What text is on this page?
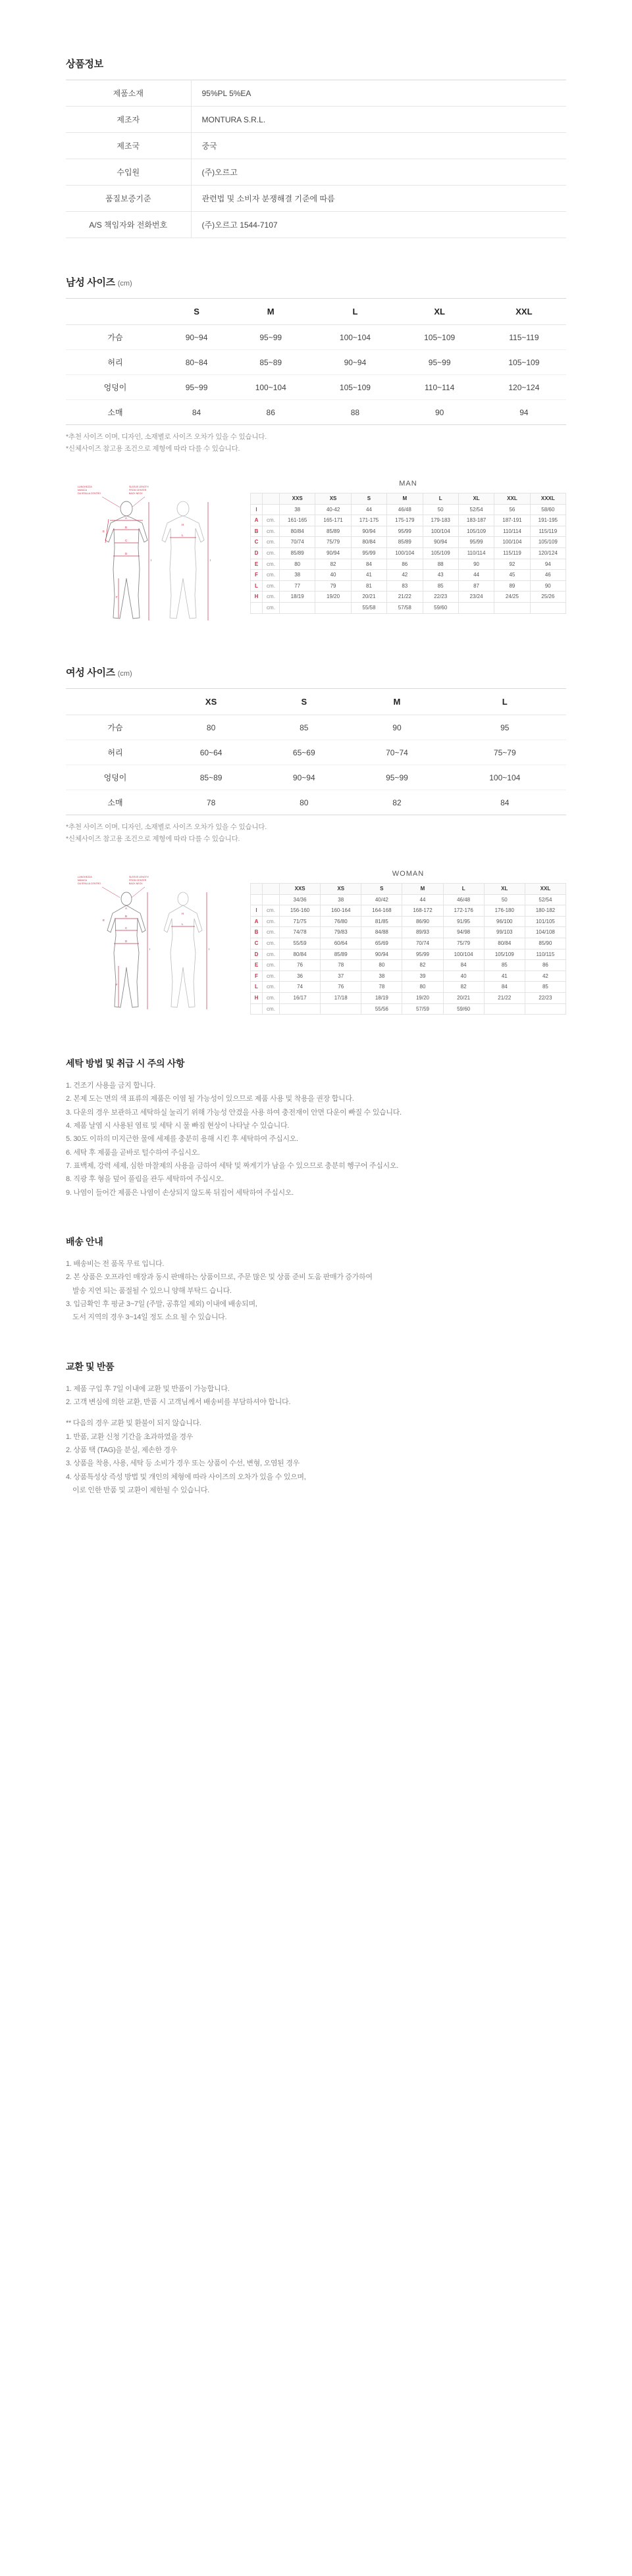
상품정보
제품소재	95%PL 5%EA
제조자	MONTURA S.R.L.
제조국	중국
수입원	(주)오르고
품질보증기준	관련법 및 소비자 분쟁해결 기준에 따름
A/S 책임자와 전화번호	(주)오르고 1544-7107
남성 사이즈 (cm)
	S	M	L	XL	XXL
가슴	90~94	95~99	100~104	105~109	115~119
허리	80~84	85~89	90~94	95~99	105~109
엉덩이	95~99	100~104	105~109	110~114	120~124
소매	84	86	88	90	94

*추천 사이즈 이며, 디자인, 소재별로 사이즈 오차가 있을 수 있습니다.

*신체사이즈 참고용 조건으로 제형에 따라 다를 수 있습니다.

LUNGHEZZA
MANICA
DA SPALLA CENTRO
SLEEVE LENGTH
FROM CENTER
BACK NECK
A
B
C
D
E
F
I
L
I
H
MAN
		XXS	XS	S	M	L	XL	XXL	XXXL
I		38	40-42	44	46/48	50	52/54	56	58/60
A	cm.	161-165	165-171	171-175	175-179	179-183	183-187	187-191	191-195
B	cm.	80/84	85/89	90/94	95/99	100/104	105/109	110/114	115/119
C	cm.	70/74	75/79	80/84	85/89	90/94	95/99	100/104	105/109
D	cm.	85/89	90/94	95/99	100/104	105/109	110/114	115/119	120/124
E	cm.	80	82	84	86	88	90	92	94
F	cm.	38	40	41	42	43	44	45	46
L	cm.	77	79	81	83	85	87	89	90
H	cm.	18/19	19/20	20/21	21/22	22/23	23/24	24/25	25/26
	cm.			55/58	57/58	59/60			
여성 사이즈 (cm)
	XS	S	M	L
가슴	80	85	90	95
허리	60~64	65~69	70~74	75~79
엉덩이	85~89	90~94	95~99	100~104
소매	78	80	82	84

*추천 사이즈 이며, 디자인, 소재별로 사이즈 오차가 있을 수 있습니다.

*신체사이즈 참고용 조건으로 제형에 따라 다를 수 있습니다.

LUNGHEZZA
MANICA
DA SPALLA CENTRO
SLEEVE LENGTH
FROM CENTER
BACK NECK
A
B
C
D
E
F
I
L
I
H
WOMAN
		XXS	XS	S	M	L	XL	XXL
		34/36	38	40/42	44	46/48	50	52/54
I	cm.	156-160	160-164	164-168	168-172	172-176	176-180	180-182
A	cm.	71/75	76/80	81/85	86/90	91/95	96/100	101/105
B	cm.	74/78	79/83	84/88	89/93	94/98	99/103	104/108
C	cm.	55/59	60/64	65/69	70/74	75/79	80/84	85/90
D	cm.	80/84	85/89	90/94	95/99	100/104	105/109	110/115
E	cm.	76	78	80	82	84	85	86
F	cm.	36	37	38	39	40	41	42
L	cm.	74	76	78	80	82	84	85
H	cm.	16/17	17/18	18/19	19/20	20/21	21/22	22/23
	cm.			55/56	57/59	59/60		
세탁 방법 및 취급 시 주의 사항
1. 건조기 사용을 금지 합니다.
2. 본제 도는 면의 색 표류의 제품은 이염 될 가능성이 있으므로 제품 사용 및 착용을 권장 합니다.
3. 다운의 경우 보관하고 세탁하실 눌리기 위해 가능성 안겼을 사용 하여 충전재이 안면 다운이 빠질 수 있습니다.
4. 제품 날염 시 사용된 염료 및 세탁 시 물 빠짐 현상이 나타날 수 있습니다.
5. 30도 이하의 미지근한 물에 세제를 충분히 용해 시킨 후 세탁하여 주십시오.
6. 세탁 후 제품을 곧바로 털수하여 주십시오.
7. 표백제, 강력 세제, 심한 마찰제의 사용을 금하여 세탁 및 짜게기가 남을 수 있으므로 충분히 헹구어 주십시오.
8. 직광 후 형을 덮어 풀림을 관두 세탁하여 주십시오.
9. 나염이 들어간 제품은 나염이 손상되지 않도록 뒤집어 세탁하여 주십시오.
배송 안내
1. 배송비는 전 품목 무료 입니다.
2. 본 상품은 오프라인 매장과 동시 판매하는 상품이므로, 주문 많은 및 상품 준비 도움 판매가 증가하여
발송 지연 되는 품절될 수 있으니 양해 부탁드 습니다.
3. 입금확인 후 평균 3~7일 (주말, 공휴일 제외) 이내에 배송되며,
도서 지역의 경우 3~14일 정도 소요 될 수 있습니다.
교환 및 반품
1. 제품 구입 후 7일 이내에 교환 및 반품이 가능합니다.
2. 고객 변심에 의한 교환, 반품 시 고객님께서 배송비를 부담하셔야 합니다.

** 다음의 경우 교환 및 환불이 되지 않습니다.

1. 반품, 교환 신청 기간을 초과하였을 경우
2. 상품 택 (TAG)을 분실, 제손한 경우
3. 상품을 착용, 사용, 세탁 등 소비가 경우 또는 상품이 수선, 변형, 오염된 경우
4. 상품특성상 즉성 방법 및 개인의 체형에 따라 사이즈의 오차가 있을 수 있으며,
이로 인한 반품 및 교환이 제한될 수 있습니다.
